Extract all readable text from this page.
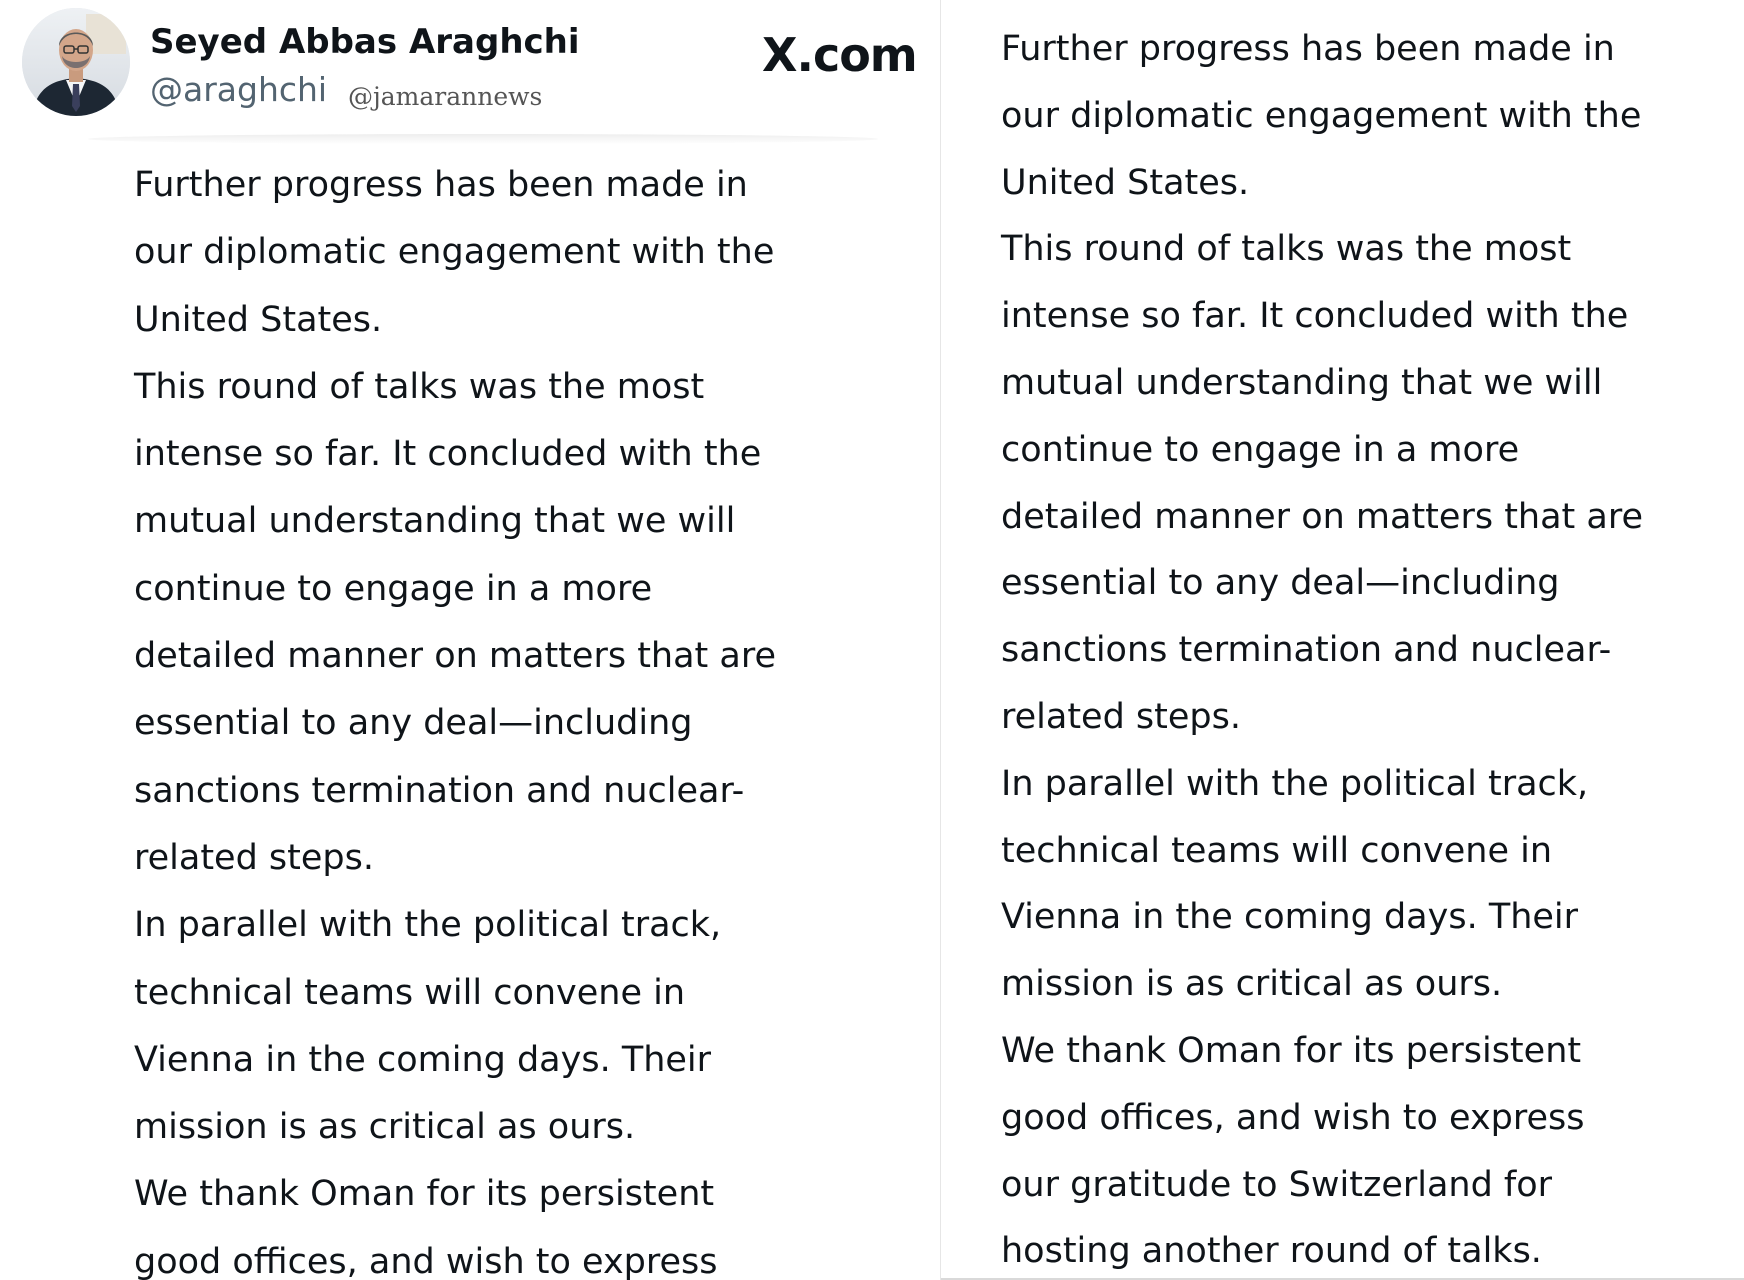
Seyed Abbas Araghchi
@araghchi @jamarannews
X.com
Further progress has been made in
our diplomatic engagement with the
United States.
This round of talks was the most
intense so far. It concluded with the
mutual understanding that we will
continue to engage in a more
detailed manner on matters that are
essential to any deal—including
sanctions termination and nuclear-
related steps.
In parallel with the political track,
technical teams will convene in
Vienna in the coming days. Their
mission is as critical as ours.
We thank Oman for its persistent
good offices, and wish to express
Further progress has been made in
our diplomatic engagement with the
United States.
This round of talks was the most
intense so far. It concluded with the
mutual understanding that we will
continue to engage in a more
detailed manner on matters that are
essential to any deal—including
sanctions termination and nuclear-
related steps.
In parallel with the political track,
technical teams will convene in
Vienna in the coming days. Their
mission is as critical as ours.
We thank Oman for its persistent
good offices, and wish to express
our gratitude to Switzerland for
hosting another round of talks.
